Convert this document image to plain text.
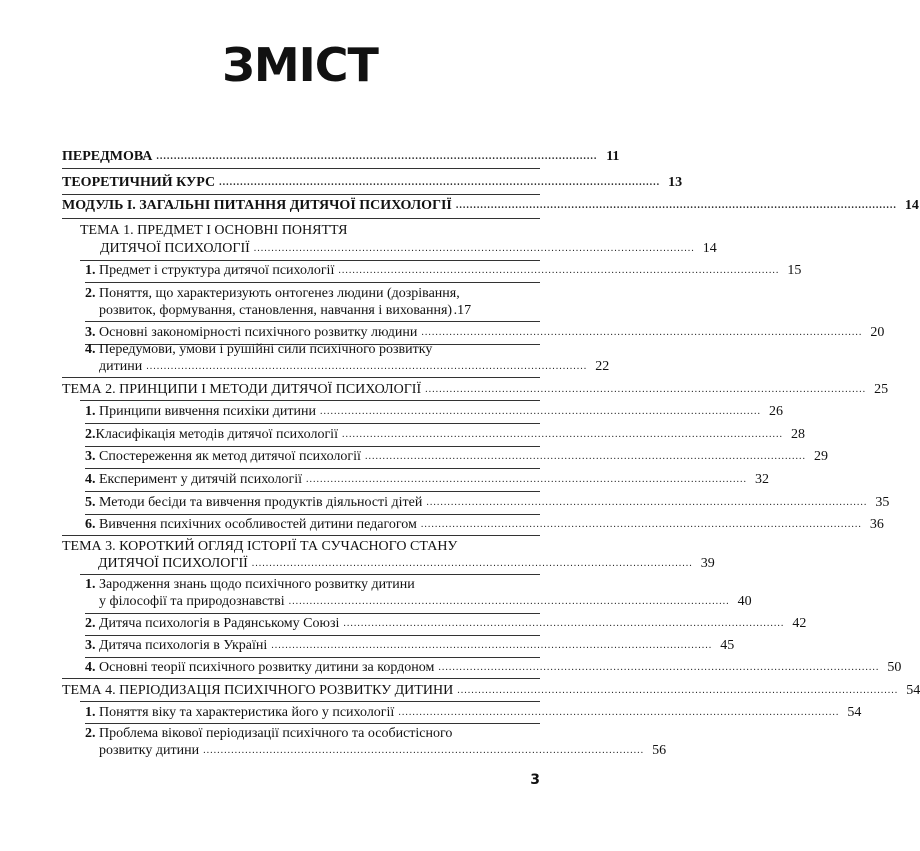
ЗМІСТ
ПЕРЕДМОВА .............................................................................................................................. 11
ТЕОРЕТИЧНИЙ КУРС .............................................................................................................................. 13
МОДУЛЬ І. ЗАГАЛЬНІ ПИТАННЯ ДИТЯЧОЇ ПСИХОЛОГІЇ .............................................................................................................................. 14
ТЕМА 1. ПРЕДМЕТ І ОСНОВНІ ПОНЯТТЯ
ДИТЯЧОЇ ПСИХОЛОГІЇ .............................................................................................................................. 14
1. Предмет і структура дитячої психології .............................................................................................................................. 15
2. Поняття, що характеризують онтогенез людини (дозрівання,
розвиток, формування, становлення, навчання і виховання) .17
3. Основні закономірності психічного розвитку людини .............................................................................................................................. 20
4. Передумови, умови і рушійні сили психічного розвитку
дитини .............................................................................................................................. 22
ТЕМА 2. ПРИНЦИПИ І МЕТОДИ ДИТЯЧОЇ ПСИХОЛОГІЇ .............................................................................................................................. 25
1. Принципи вивчення психіки дитини .............................................................................................................................. 26
2.Класифікація методів дитячої психології .............................................................................................................................. 28
3. Спостереження як метод дитячої психології .............................................................................................................................. 29
4. Експеримент у дитячій психології .............................................................................................................................. 32
5. Методи бесіди та вивчення продуктів діяльності дітей .............................................................................................................................. 35
6. Вивчення психічних особливостей дитини педагогом .............................................................................................................................. 36
ТЕМА 3. КОРОТКИЙ ОГЛЯД ІСТОРІЇ ТА СУЧАСНОГО СТАНУ
ДИТЯЧОЇ ПСИХОЛОГІЇ .............................................................................................................................. 39
1. Зародження знань щодо психічного розвитку дитини
у філософії та природознавстві .............................................................................................................................. 40
2. Дитяча психологія в Радянському Союзі .............................................................................................................................. 42
3. Дитяча психологія в Україні .............................................................................................................................. 45
4. Основні теорії психічного розвитку дитини за кордоном .............................................................................................................................. 50
ТЕМА 4. ПЕРІОДИЗАЦІЯ ПСИХІЧНОГО РОЗВИТКУ ДИТИНИ .............................................................................................................................. 54
1. Поняття віку та характеристика його у психології .............................................................................................................................. 54
2. Проблема вікової періодизації психічного та особистісного
розвитку дитини .............................................................................................................................. 56
3
